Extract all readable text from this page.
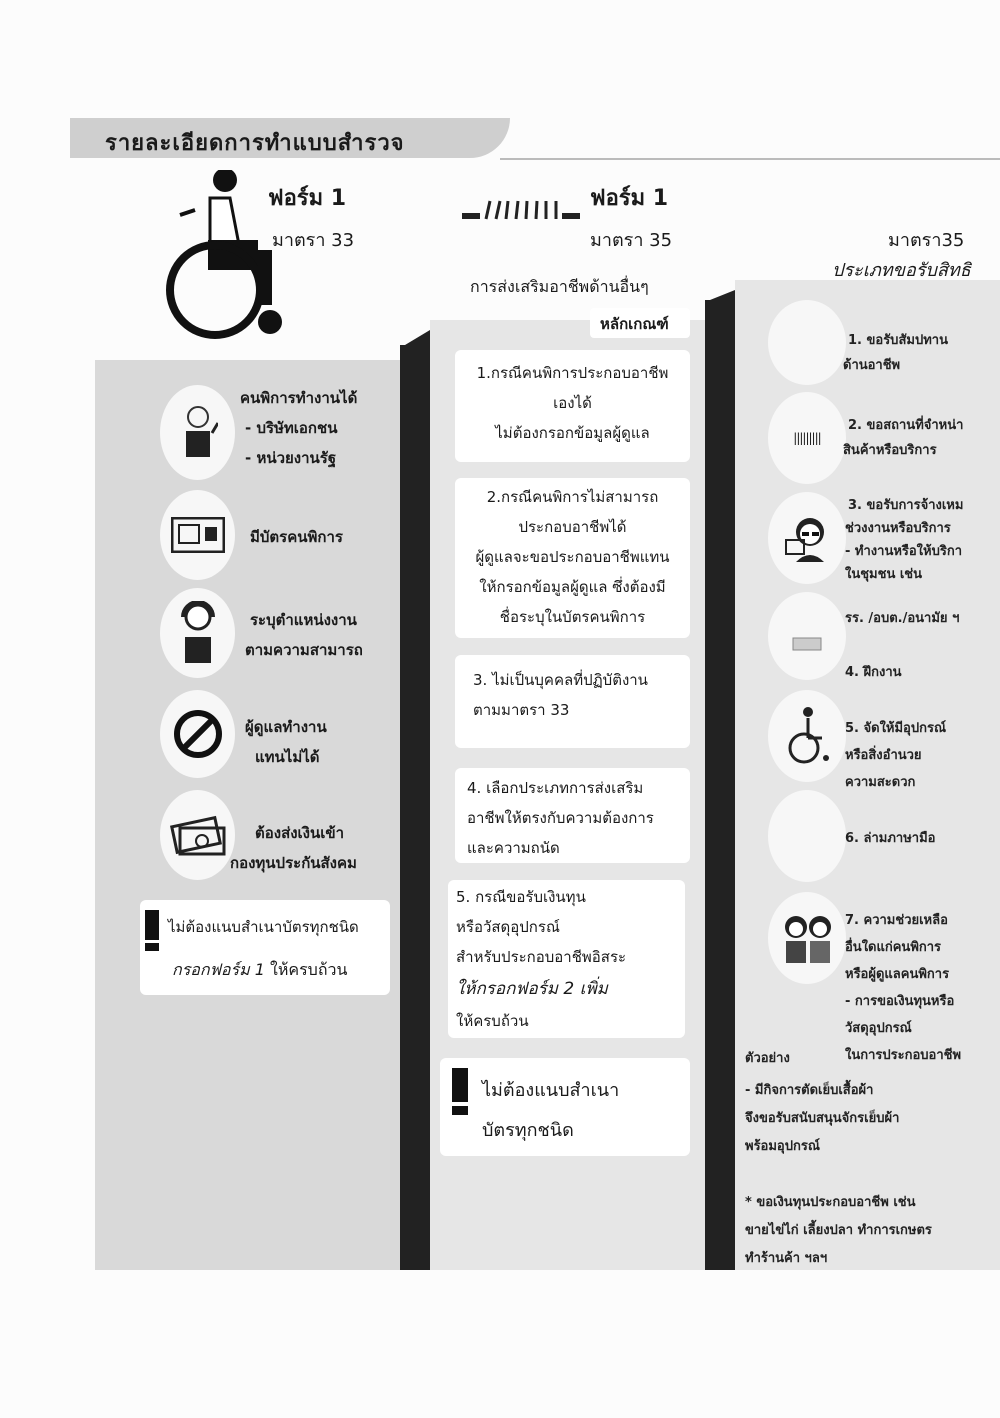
รายละเอียดการทำแบบสำรวจ
ฟอร์ม 1
มาตรา 33
คนพิการทำงานได้
- บริษัทเอกชน
- หน่วยงานรัฐ
มีบัตรคนพิการ
ระบุตำแหน่งงาน
ตามความสามารถ
ผู้ดูแลทำงาน
แทนไม่ได้
ต้องส่งเงินเข้า
กองทุนประกันสังคม
ไม่ต้องแนบสำเนาบัตรทุกชนิด
กรอกฟอร์ม 1 ให้ครบถ้วน
ฟอร์ม 1
มาตรา 35
การส่งเสริมอาชีพด้านอื่นๆ
หลักเกณฑ์
1.กรณีคนพิการประกอบอาชีพ
เองได้
ไม่ต้องกรอกข้อมูลผู้ดูแล
2.กรณีคนพิการไม่สามารถ
ประกอบอาชีพได้
ผู้ดูแลจะขอประกอบอาชีพแทน
ให้กรอกข้อมูลผู้ดูแล ซึ่งต้องมี
ชื่อระบุในบัตรคนพิการ
3. ไม่เป็นบุคคลที่ปฏิบัติงาน
ตามมาตรา 33
4. เลือกประเภทการส่งเสริม
อาชีพให้ตรงกับความต้องการ
และความถนัด
5. กรณีขอรับเงินทุน
หรือวัสดุอุปกรณ์
สำหรับประกอบอาชีพอิสระ
ให้กรอกฟอร์ม 2 เพิ่ม
ให้ครบถ้วน
ไม่ต้องแนบสำเนา
บัตรทุกชนิด
มาตรา35
ประเภทขอรับสิทธิ
|||||||||
1. ขอรับสัมปทาน
ด้านอาชีพ
2. ขอสถานที่จำหน่า
สินค้าหรือบริการ
3. ขอรับการจ้างเหม
ช่วงงานหรือบริการ
- ทำงานหรือให้บริกา
ในชุมชน เช่น
รร. /อบต./อนามัย ฯ
4. ฝึกงาน
5. จัดให้มีอุปกรณ์
หรือสิ่งอำนวย
ความสะดวก
6. ล่ามภาษามือ
7. ความช่วยเหลือ
อื่นใดแก่คนพิการ
หรือผู้ดูแลคนพิการ
- การขอเงินทุนหรือ
วัสดุอุปกรณ์
ในการประกอบอาชีพ
ตัวอย่าง
- มีกิจการตัดเย็บเสื้อผ้า
จึงขอรับสนับสนุนจักรเย็บผ้า
พร้อมอุปกรณ์
* ขอเงินทุนประกอบอาชีพ เช่น
ขายไข่ไก่ เลี้ยงปลา ทำการเกษตร
ทำร้านค้า ฯลฯ
